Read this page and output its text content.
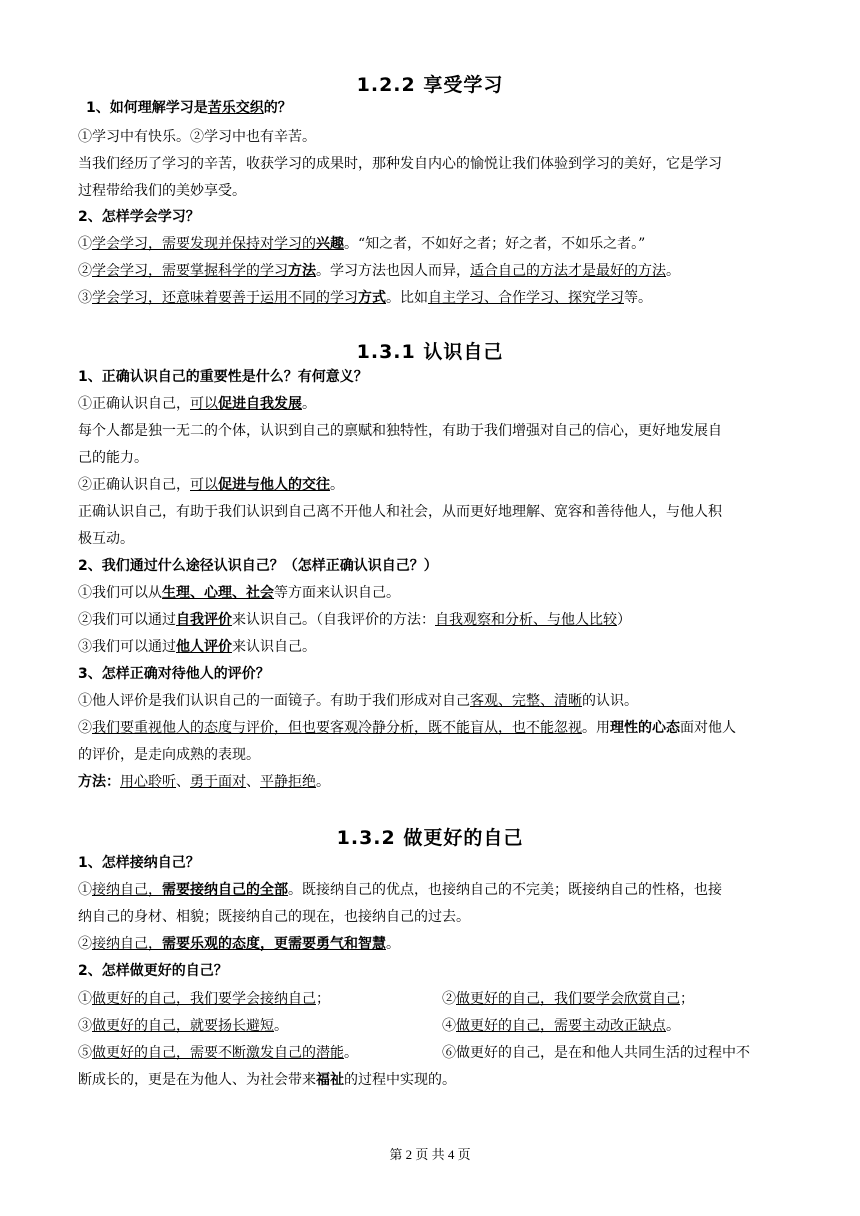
1.2.2 享受学习
1、如何理解学习是苦乐交织的？
①学习中有快乐。②学习中也有辛苦。
当我们经历了学习的辛苦，收获学习的成果时，那种发自内心的愉悦让我们体验到学习的美好，它是学习
过程带给我们的美妙享受。
2、怎样学会学习？
①学会学习，需要发现并保持对学习的兴趣。“知之者，不如好之者；好之者，不如乐之者。”
②学会学习，需要掌握科学的学习方法。学习方法也因人而异，适合自己的方法才是最好的方法。
③学会学习，还意味着要善于运用不同的学习方式。比如自主学习、合作学习、探究学习等。
1.3.1 认识自己
1、正确认识自己的重要性是什么？有何意义？
①正确认识自己，可以促进自我发展。
每个人都是独一无二的个体，认识到自己的禀赋和独特性，有助于我们增强对自己的信心，更好地发展自
己的能力。
②正确认识自己，可以促进与他人的交往。
正确认识自己，有助于我们认识到自己离不开他人和社会，从而更好地理解、宽容和善待他人，与他人积
极互动。
2、我们通过什么途径认识自己？（怎样正确认识自己？）
①我们可以从生理、心理、社会等方面来认识自己。
②我们可以通过自我评价来认识自己。（自我评价的方法：自我观察和分析、与他人比较）
③我们可以通过他人评价来认识自己。
3、怎样正确对待他人的评价？
①他人评价是我们认识自己的一面镜子。有助于我们形成对自己客观、完整、清晰的认识。
②我们要重视他人的态度与评价，但也要客观冷静分析，既不能盲从，也不能忽视。用理性的心态面对他人
的评价，是走向成熟的表现。
方法：用心聆听、勇于面对、平静拒绝。
1.3.2 做更好的自己
1、怎样接纳自己？
①接纳自己，需要接纳自己的全部。既接纳自己的优点，也接纳自己的不完美；既接纳自己的性格，也接
纳自己的身材、相貌；既接纳自己的现在，也接纳自己的过去。
②接纳自己，需要乐观的态度，更需要勇气和智慧。
2、怎样做更好的自己？
①做更好的自己，我们要学会接纳自己；	②做更好的自己，我们要学会欣赏自己；
③做更好的自己，就要扬长避短。	④做更好的自己，需要主动改正缺点。
⑤做更好的自己，需要不断激发自己的潜能。	⑥做更好的自己，是在和他人共同生活的过程中不
断成长的，更是在为他人、为社会带来福祉的过程中实现的。
第 2 页 共 4 页
